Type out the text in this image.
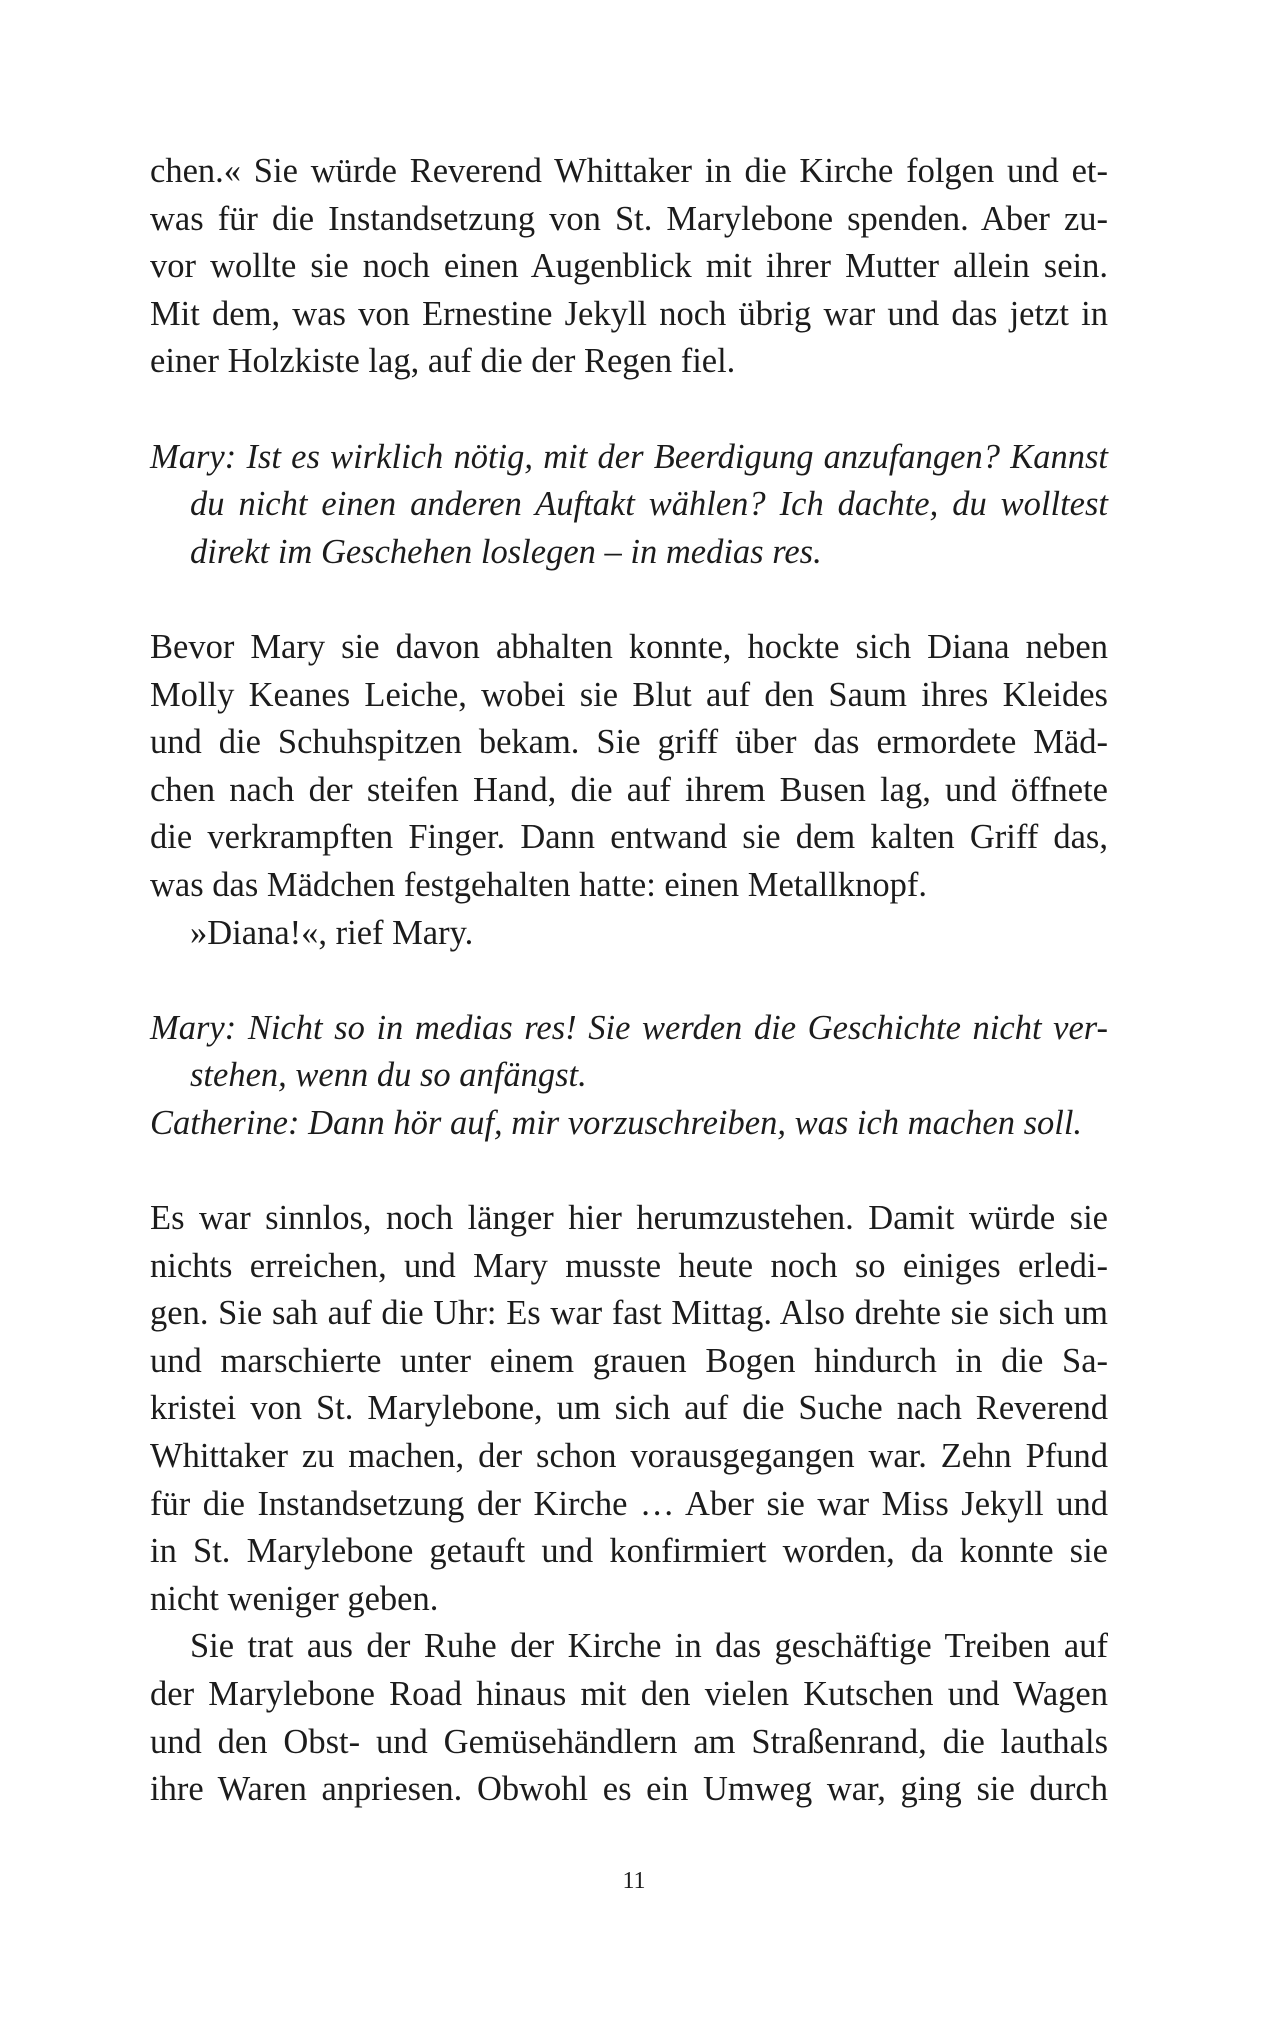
chen.« Sie würde Reverend Whittaker in die Kirche folgen und et-
was für die Instandsetzung von St. Marylebone spenden. Aber zu-
vor wollte sie noch einen Augenblick mit ihrer Mutter allein sein.
Mit dem, was von Ernestine Jekyll noch übrig war und das jetzt in
einer Holzkiste lag, auf die der Regen fiel.
Mary: Ist es wirklich nötig, mit der Beerdigung anzufangen? Kannst
du nicht einen anderen Auftakt wählen? Ich dachte, du wolltest
direkt im Geschehen loslegen – in medias res.
Bevor Mary sie davon abhalten konnte, hockte sich Diana neben
Molly Keanes Leiche, wobei sie Blut auf den Saum ihres Kleides
und die Schuhspitzen bekam. Sie griff über das ermordete Mäd-
chen nach der steifen Hand, die auf ihrem Busen lag, und öffnete
die verkrampften Finger. Dann entwand sie dem kalten Griff das,
was das Mädchen festgehalten hatte: einen Metallknopf.
»Diana!«, rief Mary.
Mary: Nicht so in medias res! Sie werden die Geschichte nicht ver-
stehen, wenn du so anfängst.
Catherine: Dann hör auf, mir vorzuschreiben, was ich machen soll.
Es war sinnlos, noch länger hier herumzustehen. Damit würde sie
nichts erreichen, und Mary musste heute noch so einiges erledi-
gen. Sie sah auf die Uhr: Es war fast Mittag. Also drehte sie sich um
und marschierte unter einem grauen Bogen hindurch in die Sa-
kristei von St. Marylebone, um sich auf die Suche nach Reverend
Whittaker zu machen, der schon vorausgegangen war. Zehn Pfund
für die Instandsetzung der Kirche … Aber sie war Miss Jekyll und
in St. Marylebone getauft und konfirmiert worden, da konnte sie
nicht weniger geben.
Sie trat aus der Ruhe der Kirche in das geschäftige Treiben auf
der Marylebone Road hinaus mit den vielen Kutschen und Wagen
und den Obst- und Gemüsehändlern am Straßenrand, die lauthals
ihre Waren anpriesen. Obwohl es ein Umweg war, ging sie durch
11
